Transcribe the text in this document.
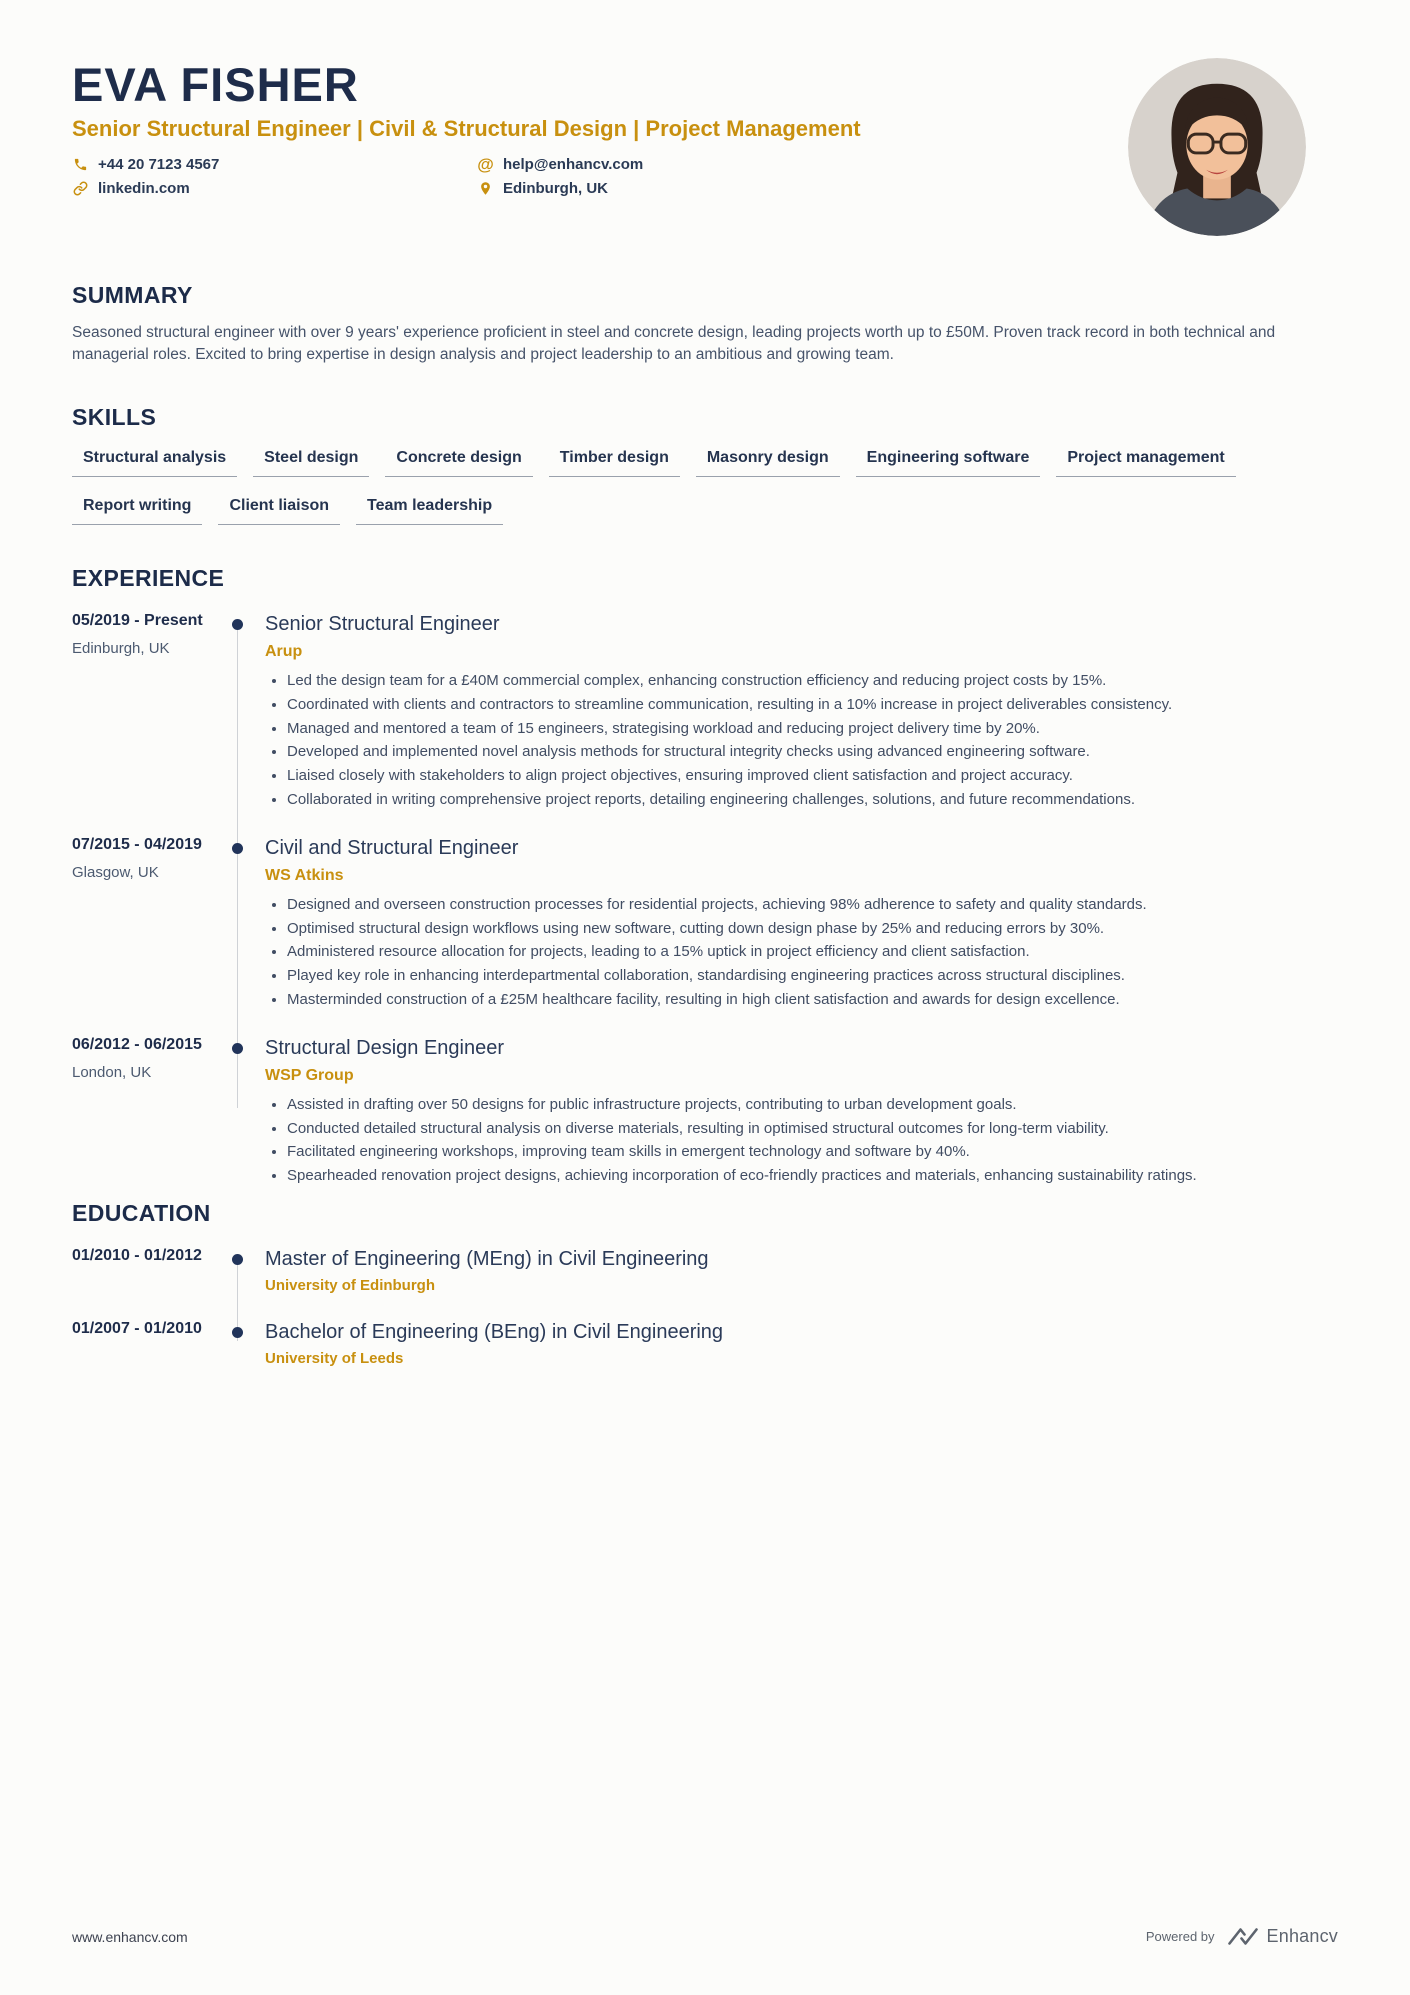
EVA FISHER
Senior Structural Engineer | Civil & Structural Design | Project Management
+44 20 7123 4567	@ help@enhancv.com
linkedin.com	Edinburgh, UK
SUMMARY

Seasoned structural engineer with over 9 years' experience proficient in steel and concrete design, leading projects worth up to £50M. Proven track record in both technical and managerial roles. Excited to bring expertise in design analysis and project leadership to an ambitious and growing team.

SKILLS
Structural analysis	Steel design	Concrete design	Timber design	Masonry design	Engineering software	Project management
Report writing	Client liaison	Team leadership
EXPERIENCE
05/2019 - Present
Edinburgh, UK
Senior Structural Engineer
Arup
• Led the design team for a £40M commercial complex, enhancing construction efficiency and reducing project costs by 15%.
• Coordinated with clients and contractors to streamline communication, resulting in a 10% increase in project deliverables consistency.
• Managed and mentored a team of 15 engineers, strategising workload and reducing project delivery time by 20%.
• Developed and implemented novel analysis methods for structural integrity checks using advanced engineering software.
• Liaised closely with stakeholders to align project objectives, ensuring improved client satisfaction and project accuracy.
• Collaborated in writing comprehensive project reports, detailing engineering challenges, solutions, and future recommendations.
07/2015 - 04/2019
Glasgow, UK
Civil and Structural Engineer
WS Atkins
• Designed and overseen construction processes for residential projects, achieving 98% adherence to safety and quality standards.
• Optimised structural design workflows using new software, cutting down design phase by 25% and reducing errors by 30%.
• Administered resource allocation for projects, leading to a 15% uptick in project efficiency and client satisfaction.
• Played key role in enhancing interdepartmental collaboration, standardising engineering practices across structural disciplines.
• Masterminded construction of a £25M healthcare facility, resulting in high client satisfaction and awards for design excellence.
06/2012 - 06/2015
London, UK
Structural Design Engineer
WSP Group
• Assisted in drafting over 50 designs for public infrastructure projects, contributing to urban development goals.
• Conducted detailed structural analysis on diverse materials, resulting in optimised structural outcomes for long-term viability.
• Facilitated engineering workshops, improving team skills in emergent technology and software by 40%.
• Spearheaded renovation project designs, achieving incorporation of eco-friendly practices and materials, enhancing sustainability ratings.
EDUCATION
01/2010 - 01/2012	Master of Engineering (MEng) in Civil Engineering
University of Edinburgh
01/2007 - 01/2010	Bachelor of Engineering (BEng) in Civil Engineering
University of Leeds
www.enhancv.com	Powered by	Enhancv
